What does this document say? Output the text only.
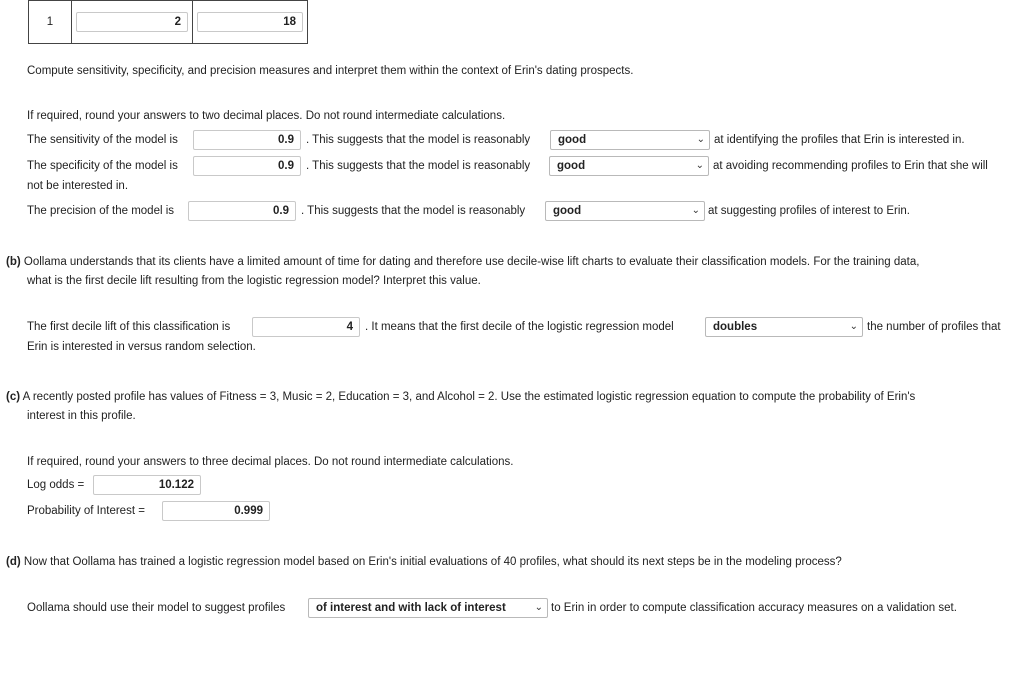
1	2	18
Compute sensitivity, specificity, and precision measures and interpret them within the context of Erin's dating prospects.
If required, round your answers to two decimal places. Do not round intermediate calculations.
The sensitivity of the model is	0.9	. This suggests that the model is reasonably	good	⌄ at identifying the profiles that Erin is interested in.
The specificity of the model is	0.9	. This suggests that the model is reasonably	good	⌄ at avoiding recommending profiles to Erin that she will
not be interested in.
The precision of the model is	0.9	. This suggests that the model is reasonably	good	⌄ at suggesting profiles of interest to Erin.
(b) Oollama understands that its clients have a limited amount of time for dating and therefore use decile-wise lift charts to evaluate their classification models. For the training data,
what is the first decile lift resulting from the logistic regression model? Interpret this value.
The first decile lift of this classification is	4	. It means that the first decile of the logistic regression model	doubles	⌄ the number of profiles that
Erin is interested in versus random selection.
(c) A recently posted profile has values of Fitness = 3, Music = 2, Education = 3, and Alcohol = 2. Use the estimated logistic regression equation to compute the probability of Erin's
interest in this profile.
If required, round your answers to three decimal places. Do not round intermediate calculations.
Log odds =	10.122
Probability of Interest =	0.999
(d) Now that Oollama has trained a logistic regression model based on Erin's initial evaluations of 40 profiles, what should its next steps be in the modeling process?
Oollama should use their model to suggest profiles	of interest and with lack of interest	⌄ to Erin in order to compute classification accuracy measures on a validation set.
